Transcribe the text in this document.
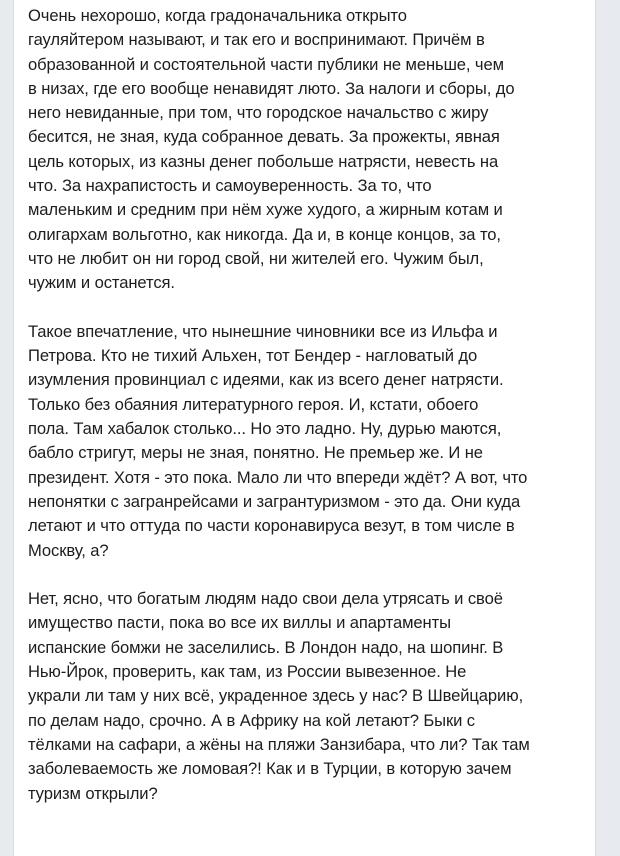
Очень нехорошо, когда градоначальника открыто
гауляйтером называют, и так его и воспринимают. Причём в
образованной и состоятельной части публики не меньше, чем
в низах, где его вообще ненавидят люто. За налоги и сборы, до
него невиданные, при том, что городское начальство с жиру
бесится, не зная, куда собранное девать. За прожекты, явная
цель которых, из казны денег побольше натрясти, невесть на
что. За нахрапистость и самоуверенность. За то, что
маленьким и средним при нём хуже худого, а жирным котам и
олигархам вольготно, как никогда. Да и, в конце концов, за то,
что не любит он ни город свой, ни жителей его. Чужим был,
чужим и останется.

Такое впечатление, что нынешние чиновники все из Ильфа и
Петрова. Кто не тихий Альхен, тот Бендер - нагловатый до
изумления провинциал с идеями, как из всего денег натрясти.
Только без обаяния литературного героя. И, кстати, обоего
пола. Там хабалок столько... Но это ладно. Ну, дурью маются,
бабло стригут, меры не зная, понятно. Не премьер же. И не
президент. Хотя - это пока. Мало ли что впереди ждёт? А вот, что
непонятки с загранрейсами и загрантуризмом - это да. Они куда
летают и что оттуда по части коронавируса везут, в том числе в
Москву, а?

Нет, ясно, что богатым людям надо свои дела утрясать и своё
имущество пасти, пока во все их виллы и апартаменты
испанские бомжи не заселились. В Лондон надо, на шопинг. В
Нью-Йрок, проверить, как там, из России вывезенное. Не
украли ли там у них всё, украденное здесь у нас? В Швейцарию,
по делам надо, срочно. А в Африку на кой летают? Быки с
тёлками на сафари, а жёны на пляжи Занзибара, что ли? Так там
заболеваемость же ломовая?! Как и в Турции, в которую зачем
туризм открыли?
